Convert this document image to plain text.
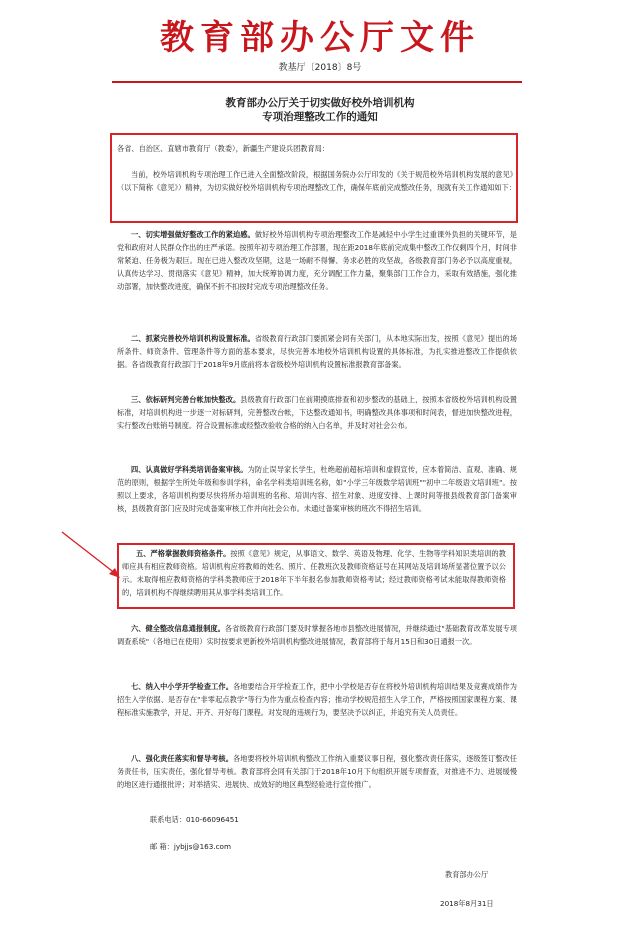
教育部办公厅文件
教基厅〔2018〕8号
教育部办公厅关于切实做好校外培训机构
专项治理整改工作的通知
各省、自治区、直辖市教育厅（教委），新疆生产建设兵团教育局：
当前，校外培训机构专项治理工作已进入全面整改阶段，根据国务院办公厅印发的《关于规范校外培训机构发展的意见》（以下简称《意见》）精神，为切实做好校外培训机构专项治理整改工作，确保年底前完成整改任务，现就有关工作通知如下：
一、切实增强做好整改工作的紧迫感。做好校外培训机构专项治理整改工作是减轻中小学生过重课外负担的关键环节，是党和政府对人民群众作出的庄严承诺。按照年初专项治理工作部署，现在距2018年底前完成集中整改工作仅剩四个月，时间非常紧迫、任务极为艰巨。现在已进入整改攻坚期，这是一场耐不得懈、务求必胜的攻坚战，各级教育部门务必予以高度重视，认真传达学习、贯彻落实《意见》精神，加大统筹协调力度，充分调配工作力量，聚集部门工作合力，采取有效措施，强化推动部署，加快整改进度，确保不折不扣按时完成专项治理整改任务。
二、抓紧完善校外培训机构设置标准。省级教育行政部门要抓紧会同有关部门，从本地实际出发，按照《意见》提出的场所条件、师资条件、管理条件等方面的基本要求，尽快完善本地校外培训机构设置的具体标准，为扎实推进整改工作提供依据。各省级教育行政部门于2018年9月底前将本省级校外培训机构设置标准报教育部备案。
三、依标研判完善台帐加快整改。县级教育行政部门在前期摸底排查和初步整改的基础上，按照本省级校外培训机构设置标准，对培训机构进一步逐一对标研判，完善整改台帐，下达整改通知书，明确整改具体事项和时间表，督进加快整改进程，实行整改台账销号制度。符合设置标准或经整改验收合格的纳入白名单，并及时对社会公布。
四、认真做好学科类培训备案审核。为防止误导家长学生，杜绝超前超标培训和虚假宣传，应本着简洁、直观、准确、规范的原则，根据学生所处年级和参训学科，命名学科类培训班名称，如"小学三年级数学培训班""初中二年级语文培训班"。按照以上要求，各培训机构要尽快将所办培训班的名称、培训内容、招生对象、进度安排、上课时间等报县级教育部门备案审核，县级教育部门应及时完成备案审核工作并向社会公布。未通过备案审核的班次不得招生培训。
五、严格掌握教师资格条件。按照《意见》规定，从事语文、数学、英语及物理、化学、生物等学科知识类培训的教师应具有相应教师资格。培训机构应将教师的姓名、照片、任教班次及教师资格证号在其网站及培训场所显著位置予以公示。未取得相应教师资格的学科类教师应于2018年下半年报名参加教师资格考试；经过教师资格考试未能取得教师资格的，培训机构不得继续聘用其从事学科类培训工作。
六、健全整改信息通报制度。各省级教育行政部门要及时掌握各地市县整改进展情况，并继续通过"基础教育改革发展专项调查系统"（各地已在使用）实时按要求更新校外培训机构整改进展情况，教育部将于每月15日和30日通报一次。
七、纳入中小学开学检查工作。各地要结合开学检查工作，把中小学校是否存在将校外培训机构培训结果及竞赛成绩作为招生入学依据、是否存在"非零起点教学"等行为作为重点检查内容；推动学校规范招生入学工作，严格按照国家课程方案、课程标准实施教学，开足、开齐、开好每门课程。对发现的违规行为，要坚决予以纠正，并追究有关人员责任。
八、强化责任落实和督导考核。各地要将校外培训机构整改工作纳入重要议事日程，强化整改责任落实，逐级签订整改任务责任书，压实责任，强化督导考核。教育部将会同有关部门于2018年10月下旬组织开展专项督查，对推进不力、进展缓慢的地区进行通报批评；对举措实、进展快、成效好的地区典型经验进行宣传推广。
联系电话：010-66096451
邮 箱：jybjjs@163.com
教育部办公厅
2018年8月31日
